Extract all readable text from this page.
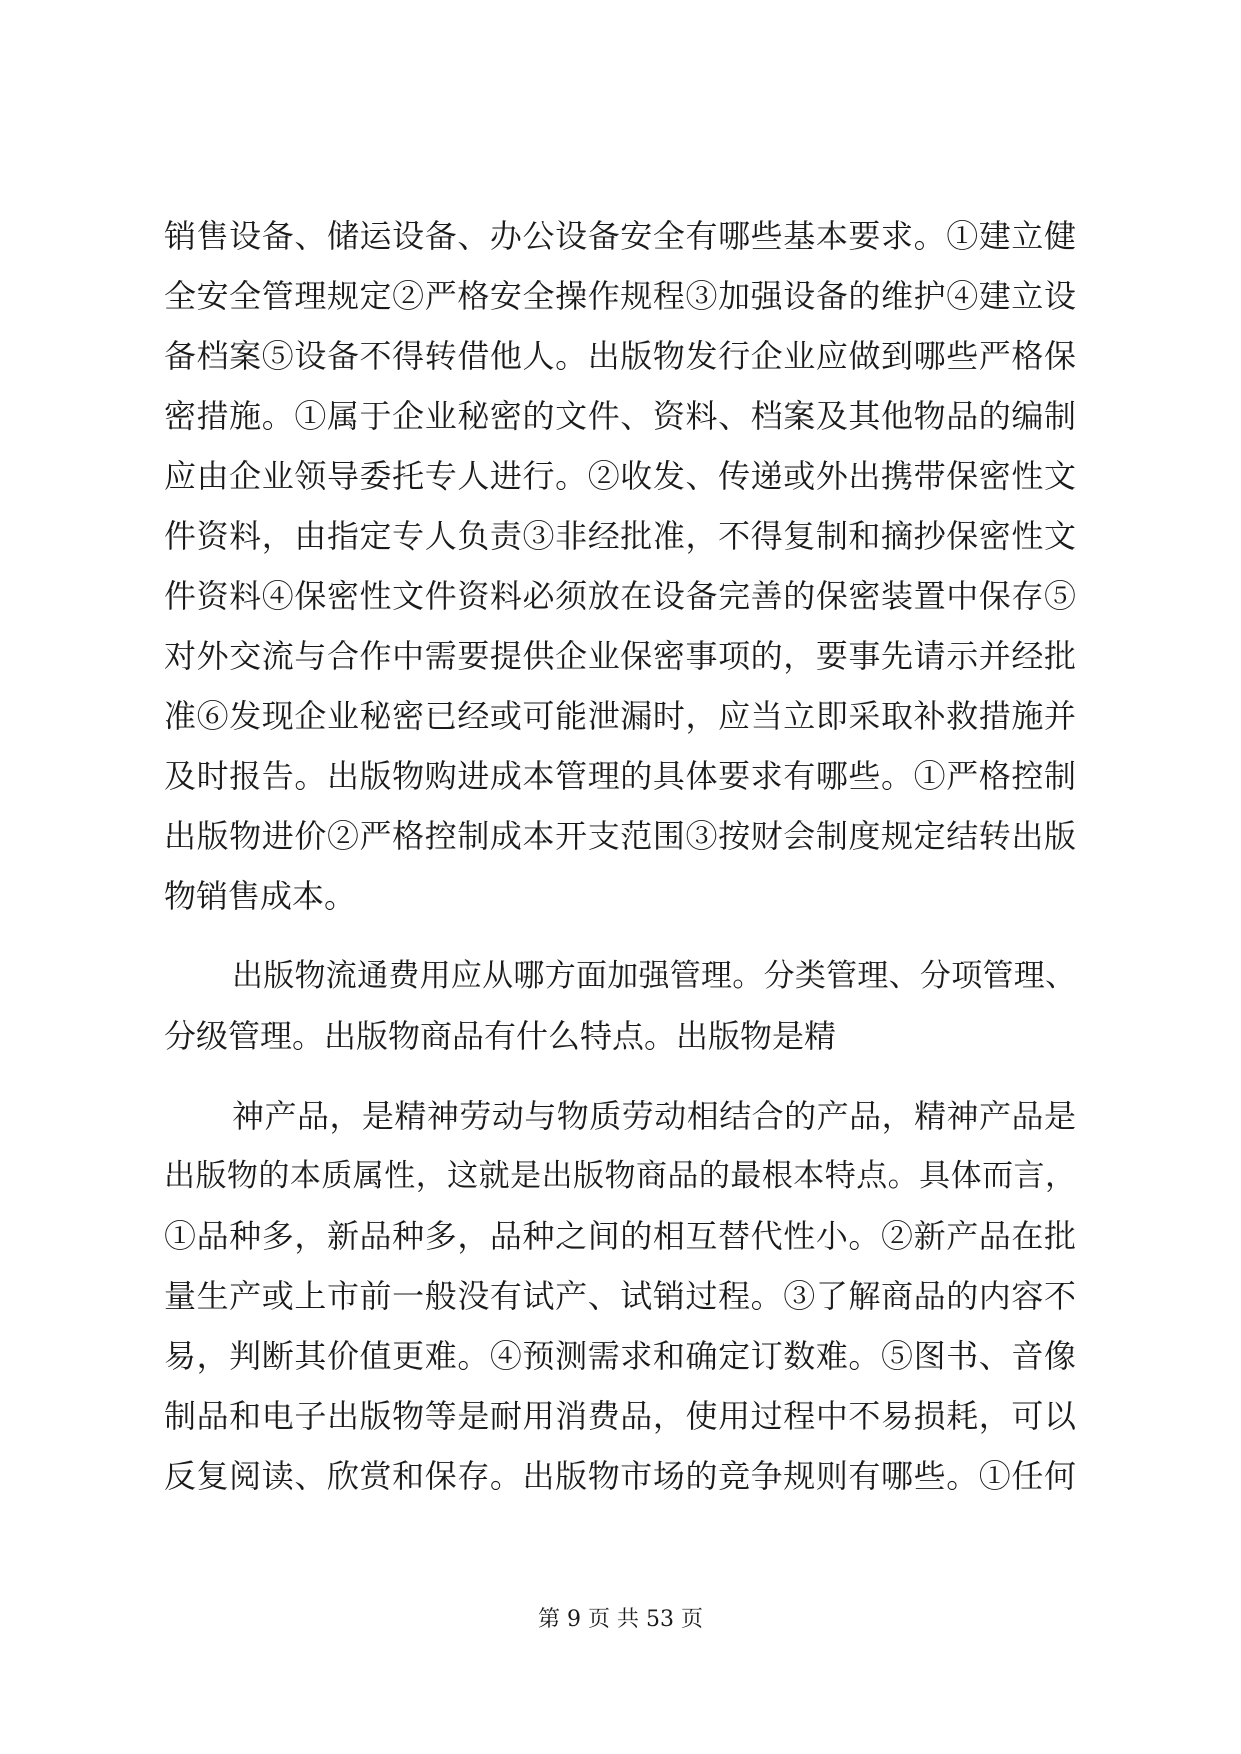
销售设备、储运设备、办公设备安全有哪些基本要求。①建立健
全安全管理规定②严格安全操作规程③加强设备的维护④建立设
备档案⑤设备不得转借他人。出版物发行企业应做到哪些严格保
密措施。①属于企业秘密的文件、资料、档案及其他物品的编制
应由企业领导委托专人进行。②收发、传递或外出携带保密性文
件资料，由指定专人负责③非经批准，不得复制和摘抄保密性文
件资料④保密性文件资料必须放在设备完善的保密装置中保存⑤
对外交流与合作中需要提供企业保密事项的，要事先请示并经批
准⑥发现企业秘密已经或可能泄漏时，应当立即采取补救措施并
及时报告。出版物购进成本管理的具体要求有哪些。①严格控制
出版物进价②严格控制成本开支范围③按财会制度规定结转出版
物销售成本。
出版物流通费用应从哪方面加强管理。分类管理、分项管理、
分级管理。出版物商品有什么特点。出版物是精
神产品，是精神劳动与物质劳动相结合的产品，精神产品是
出版物的本质属性，这就是出版物商品的最根本特点。具体而言，
①品种多，新品种多，品种之间的相互替代性小。②新产品在批
量生产或上市前一般没有试产、试销过程。③了解商品的内容不
易，判断其价值更难。④预测需求和确定订数难。⑤图书、音像
制品和电子出版物等是耐用消费品，使用过程中不易损耗，可以
反复阅读、欣赏和保存。出版物市场的竞争规则有哪些。①任何
第 9 页 共 53 页
